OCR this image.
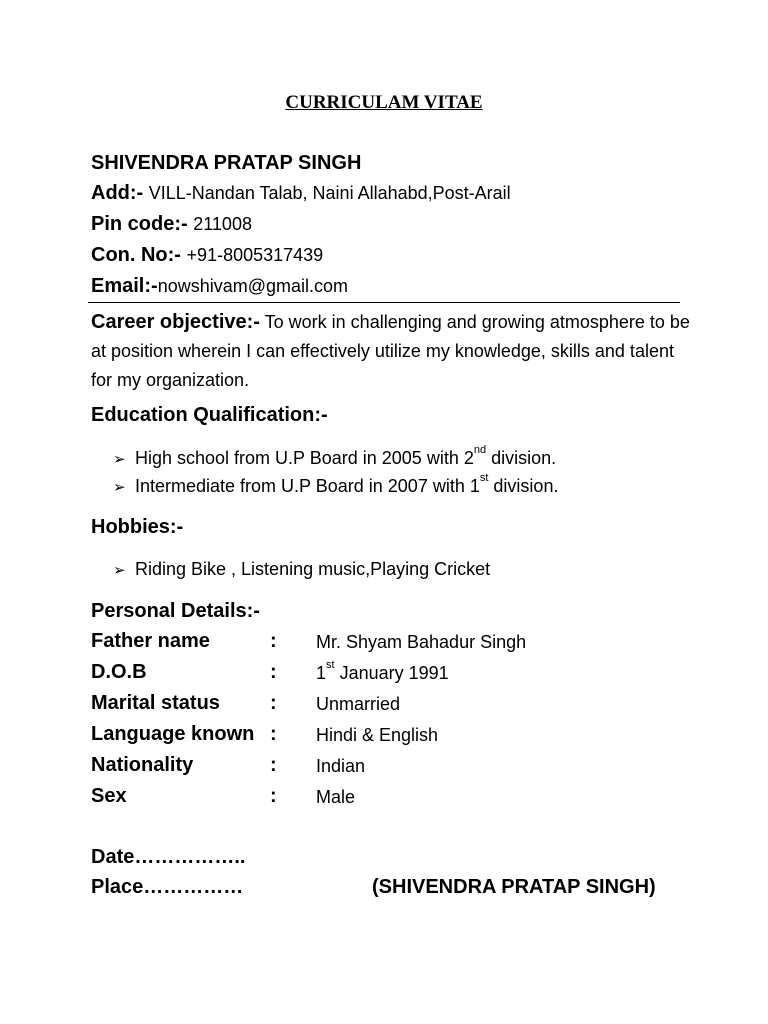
CURRICULAM VITAE
SHIVENDRA PRATAP SINGH
Add:- VILL-Nandan Talab, Naini Allahabd,Post-Arail
Pin code:- 211008
Con. No:- +91-8005317439
Email:-nowshivam@gmail.com
Career objective:- To work in challenging and growing atmosphere to be at position wherein I can effectively utilize my knowledge, skills and talent for my organization.
Education Qualification:-
➢ High school from U.P Board in 2005 with 2nd division.
➢ Intermediate from U.P Board in 2007 with 1st division.
Hobbies:-
➢ Riding Bike , Listening music,Playing Cricket
Personal Details:-
Father name	: Mr. Shyam Bahadur Singh
D.O.B	: 1st January 1991
Marital status	: Unmarried
Language known : Hindi & English
Nationality	: Indian
Sex	: Male
Date……………..
Place……………	(SHIVENDRA PRATAP SINGH)
